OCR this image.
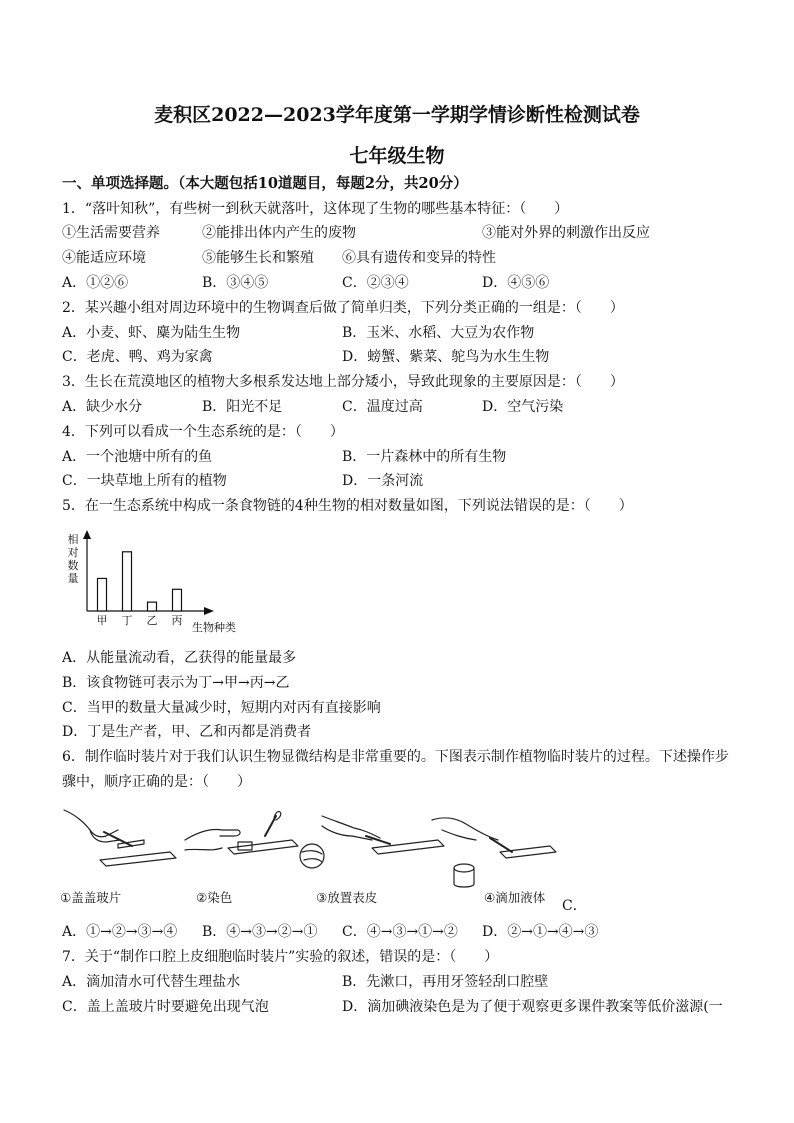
麦积区2022—2023学年度第一学期学情诊断性检测试卷
七年级生物
一、单项选择题。（本大题包括10道题目，每题2分，共20分）
1．“落叶知秋”，有些树一到秋天就落叶，这体现了生物的哪些基本特征：（　　）
①生活需要营养	②能排出体内产生的废物	③能对外界的刺激作出反应
④能适应环境	⑤能够生长和繁殖 ⑥具有遗传和变异的特性
A．①②⑥	B．③④⑤	C．②③④	D．④⑤⑥
2．某兴趣小组对周边环境中的生物调查后做了简单归类，下列分类正确的一组是：（　　）
A．小麦、虾、麋为陆生生物	B．玉米、水稻、大豆为农作物
C．老虎、鸭、鸡为家禽	D．螃蟹、紫菜、鸵鸟为水生生物
3．生长在荒漠地区的植物大多根系发达地上部分矮小，导致此现象的主要原因是：（　　）
A．缺少水分	B．阳光不足	C．温度过高	D．空气污染
4．下列可以看成一个生态系统的是：（　　）
A．一个池塘中所有的鱼	B．一片森林中的所有生物
C．一块草地上所有的植物	D．一条河流
5．在一生态系统中构成一条食物链的4种生物的相对数量如图，下列说法错误的是：（　　）
相
对
数
量
甲 丁 乙 丙
生物种类
A．从能量流动看，乙获得的能量最多
B．该食物链可表示为丁→甲→丙→乙
C．当甲的数量大量减少时，短期内对丙有直接影响
D．丁是生产者，甲、乙和丙都是消费者
6．制作临时装片对于我们认识生物显微结构是非常重要的。下图表示制作植物临时装片的过程。下述操作步
骤中，顺序正确的是：（　　）
①盖盖玻片	②染色	③放置表皮	④滴加液体
C．
A．①→②→③→④ B．④→③→②→① C．④→③→①→② D．②→①→④→③
7．关于“制作口腔上皮细胞临时装片”实验的叙述，错误的是：（　　）
A．滴加清水可代替生理盐水	B．先漱口，再用牙签轻刮口腔壁
C．盖上盖玻片时要避免出现气泡	D．滴加碘液染色是为了便于观察更多课件教案等低价滋源(一
